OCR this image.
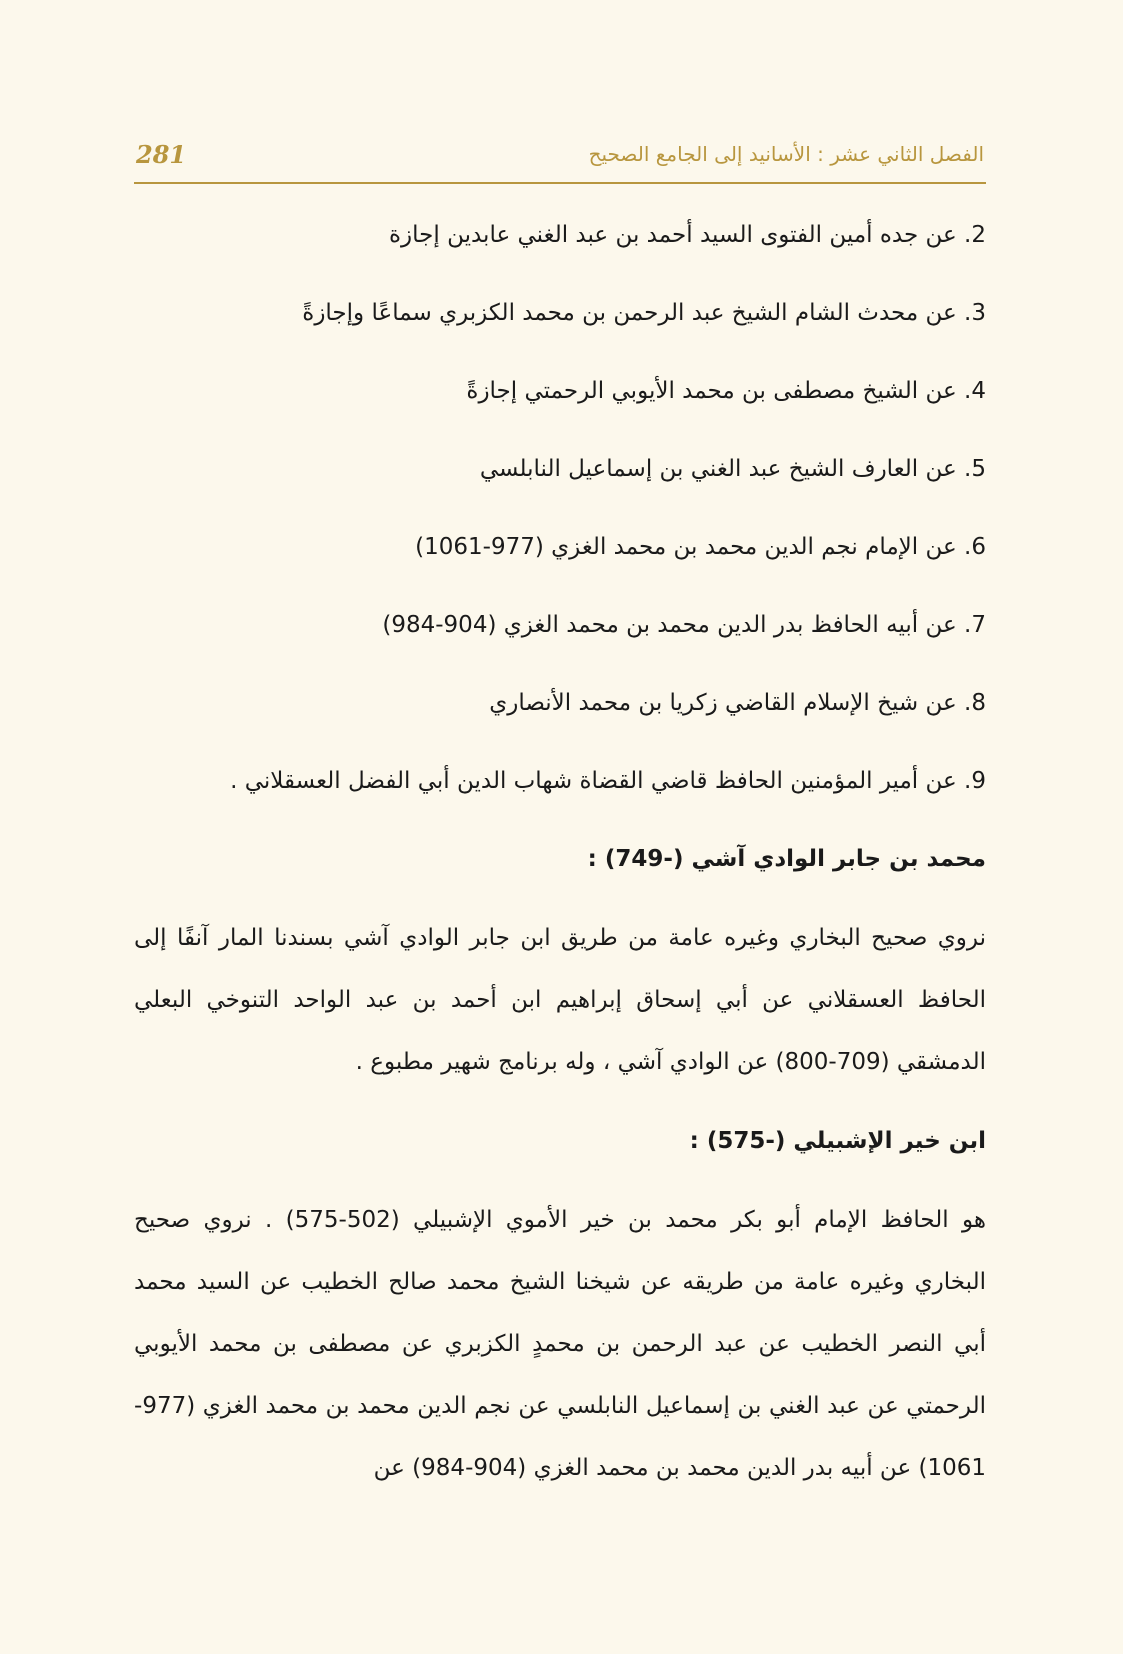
281	الفصل الثاني عشر : الأسانيد إلى الجامع الصحيح
2. عن جده أمين الفتوى السيد أحمد بن عبد الغني عابدين إجازة
3. عن محدث الشام الشيخ عبد الرحمن بن محمد الكزبري سماعًا وإجازةً
4. عن الشيخ مصطفى بن محمد الأيوبي الرحمتي إجازةً
5. عن العارف الشيخ عبد الغني بن إسماعيل النابلسي
6. عن الإمام نجم الدين محمد بن محمد الغزي (977-1061)
7. عن أبيه الحافظ بدر الدين محمد بن محمد الغزي (904-984)
8. عن شيخ الإسلام القاضي زكريا بن محمد الأنصاري
9. عن أمير المؤمنين الحافظ قاضي القضاة شهاب الدين أبي الفضل العسقلاني .
محمد بن جابر الوادي آشي (-749) :

نروي صحيح البخاري وغيره عامة من طريق ابن جابر الوادي آشي بسندنا المار آنفًا إلى الحافظ العسقلاني عن أبي إسحاق إبراهيم ابن أحمد بن عبد الواحد التنوخي البعلي الدمشقي (709-800) عن الوادي آشي ، وله برنامج شهير مطبوع .

ابن خير الإشبيلي (-575) :

هو الحافظ الإمام أبو بكر محمد بن خير الأموي الإشبيلي (502-575) . نروي صحيح البخاري وغيره عامة من طريقه عن شيخنا الشيخ محمد صالح الخطيب عن السيد محمد أبي النصر الخطيب عن عبد الرحمن بن محمدٍ الكزبري عن مصطفى بن محمد الأيوبي الرحمتي عن عبد الغني بن إسماعيل النابلسي عن نجم الدين محمد بن محمد الغزي (977-1061) عن أبيه بدر الدين محمد بن محمد الغزي (904-984) عن
